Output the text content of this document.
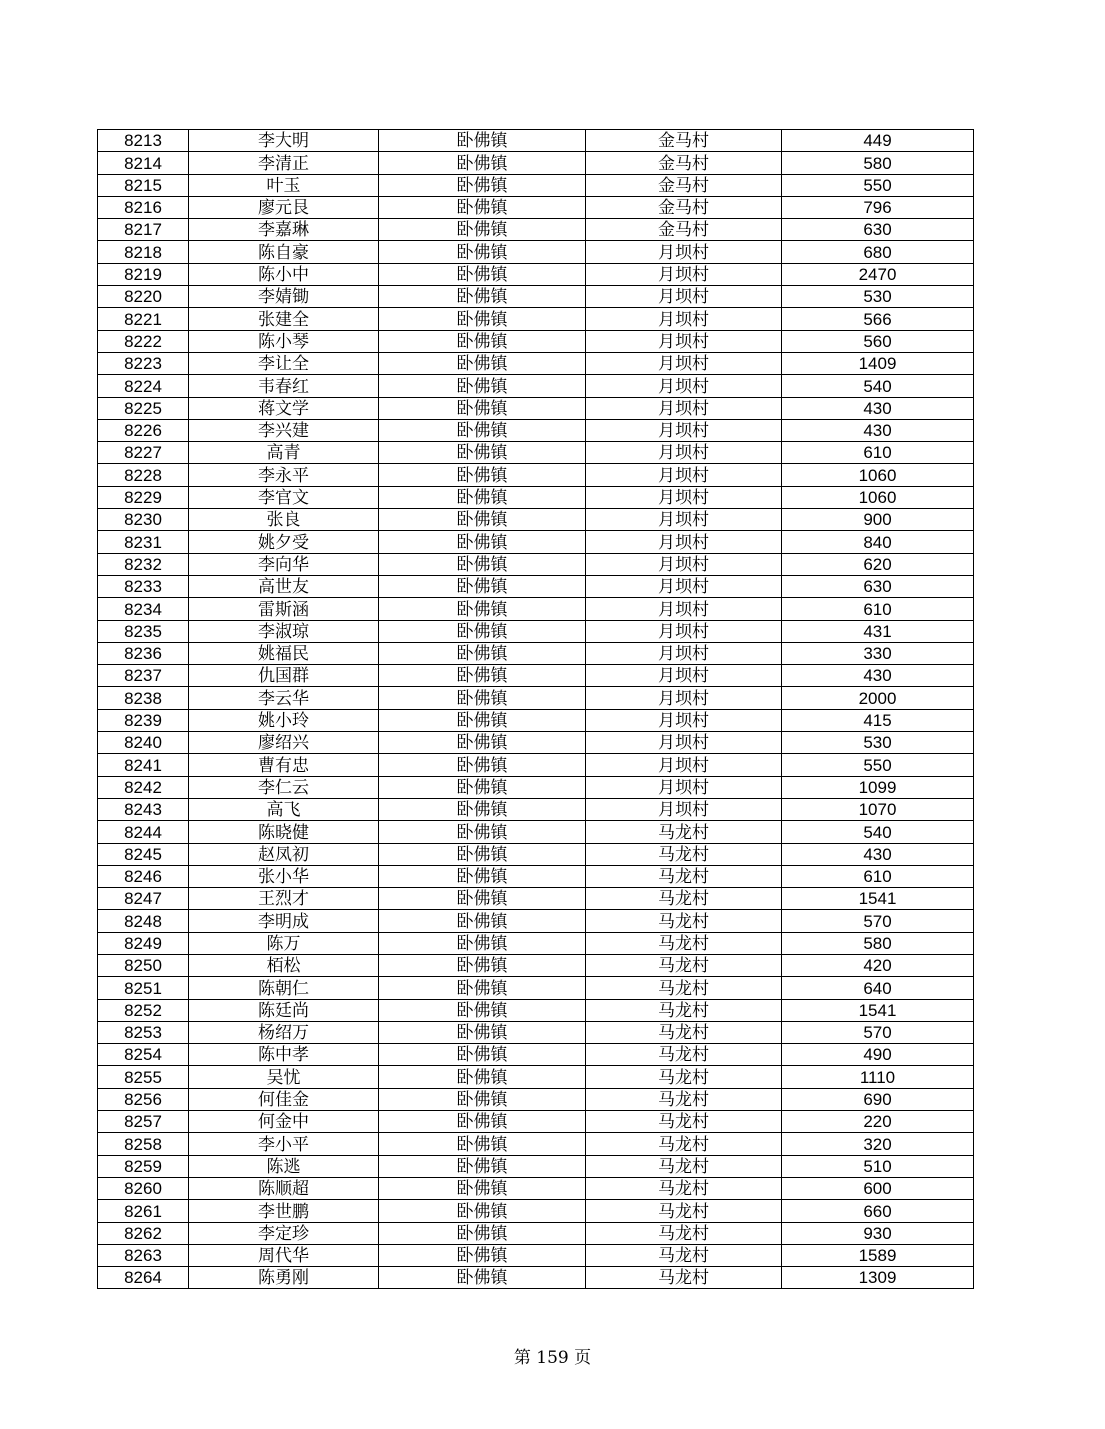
8213	李大明	卧佛镇	金马村	449
8214	李清正	卧佛镇	金马村	580
8215	叶玉	卧佛镇	金马村	550
8216	廖元艮	卧佛镇	金马村	796
8217	李嘉琳	卧佛镇	金马村	630
8218	陈自豪	卧佛镇	月坝村	680
8219	陈小中	卧佛镇	月坝村	2470
8220	李婧锄	卧佛镇	月坝村	530
8221	张建全	卧佛镇	月坝村	566
8222	陈小琴	卧佛镇	月坝村	560
8223	李让全	卧佛镇	月坝村	1409
8224	韦春红	卧佛镇	月坝村	540
8225	蒋文学	卧佛镇	月坝村	430
8226	李兴建	卧佛镇	月坝村	430
8227	高青	卧佛镇	月坝村	610
8228	李永平	卧佛镇	月坝村	1060
8229	李官文	卧佛镇	月坝村	1060
8230	张良	卧佛镇	月坝村	900
8231	姚夕受	卧佛镇	月坝村	840
8232	李向华	卧佛镇	月坝村	620
8233	高世友	卧佛镇	月坝村	630
8234	雷斯涵	卧佛镇	月坝村	610
8235	李淑琼	卧佛镇	月坝村	431
8236	姚福民	卧佛镇	月坝村	330
8237	仇国群	卧佛镇	月坝村	430
8238	李云华	卧佛镇	月坝村	2000
8239	姚小玲	卧佛镇	月坝村	415
8240	廖绍兴	卧佛镇	月坝村	530
8241	曹有忠	卧佛镇	月坝村	550
8242	李仁云	卧佛镇	月坝村	1099
8243	高飞	卧佛镇	月坝村	1070
8244	陈晓健	卧佛镇	马龙村	540
8245	赵凤初	卧佛镇	马龙村	430
8246	张小华	卧佛镇	马龙村	610
8247	王烈才	卧佛镇	马龙村	1541
8248	李明成	卧佛镇	马龙村	570
8249	陈万	卧佛镇	马龙村	580
8250	栢松	卧佛镇	马龙村	420
8251	陈朝仁	卧佛镇	马龙村	640
8252	陈廷尚	卧佛镇	马龙村	1541
8253	杨绍万	卧佛镇	马龙村	570
8254	陈中孝	卧佛镇	马龙村	490
8255	吴忧	卧佛镇	马龙村	1110
8256	何佳金	卧佛镇	马龙村	690
8257	何金中	卧佛镇	马龙村	220
8258	李小平	卧佛镇	马龙村	320
8259	陈逃	卧佛镇	马龙村	510
8260	陈顺超	卧佛镇	马龙村	600
8261	李世鹏	卧佛镇	马龙村	660
8262	李定珍	卧佛镇	马龙村	930
8263	周代华	卧佛镇	马龙村	1589
8264	陈勇刚	卧佛镇	马龙村	1309
第 159 页
